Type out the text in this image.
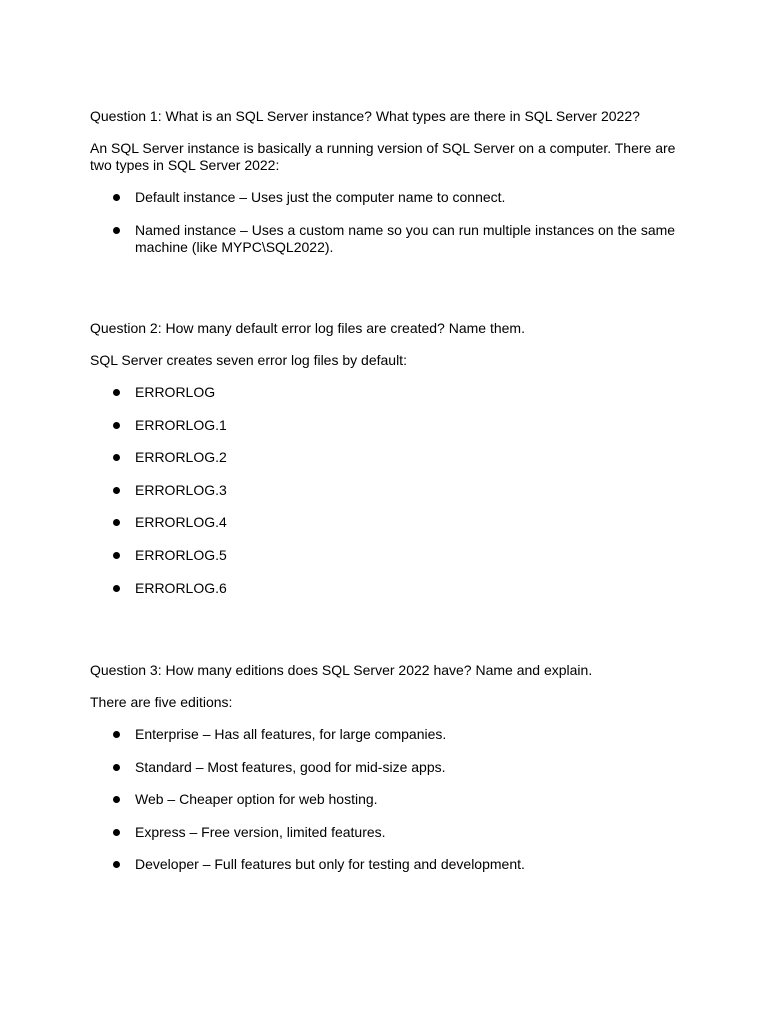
Question 1: What is an SQL Server instance? What types are there in SQL Server 2022?

An SQL Server instance is basically a running version of SQL Server on a computer. There are two types in SQL Server 2022:

Default instance – Uses just the computer name to connect.
Named instance – Uses a custom name so you can run multiple instances on the same machine (like MYPC\SQL2022).

Question 2: How many default error log files are created? Name them.

SQL Server creates seven error log files by default:

ERRORLOG
ERRORLOG.1
ERRORLOG.2
ERRORLOG.3
ERRORLOG.4
ERRORLOG.5
ERRORLOG.6

Question 3: How many editions does SQL Server 2022 have? Name and explain.

There are five editions:

Enterprise – Has all features, for large companies.
Standard – Most features, good for mid-size apps.
Web – Cheaper option for web hosting.
Express – Free version, limited features.
Developer – Full features but only for testing and development.
